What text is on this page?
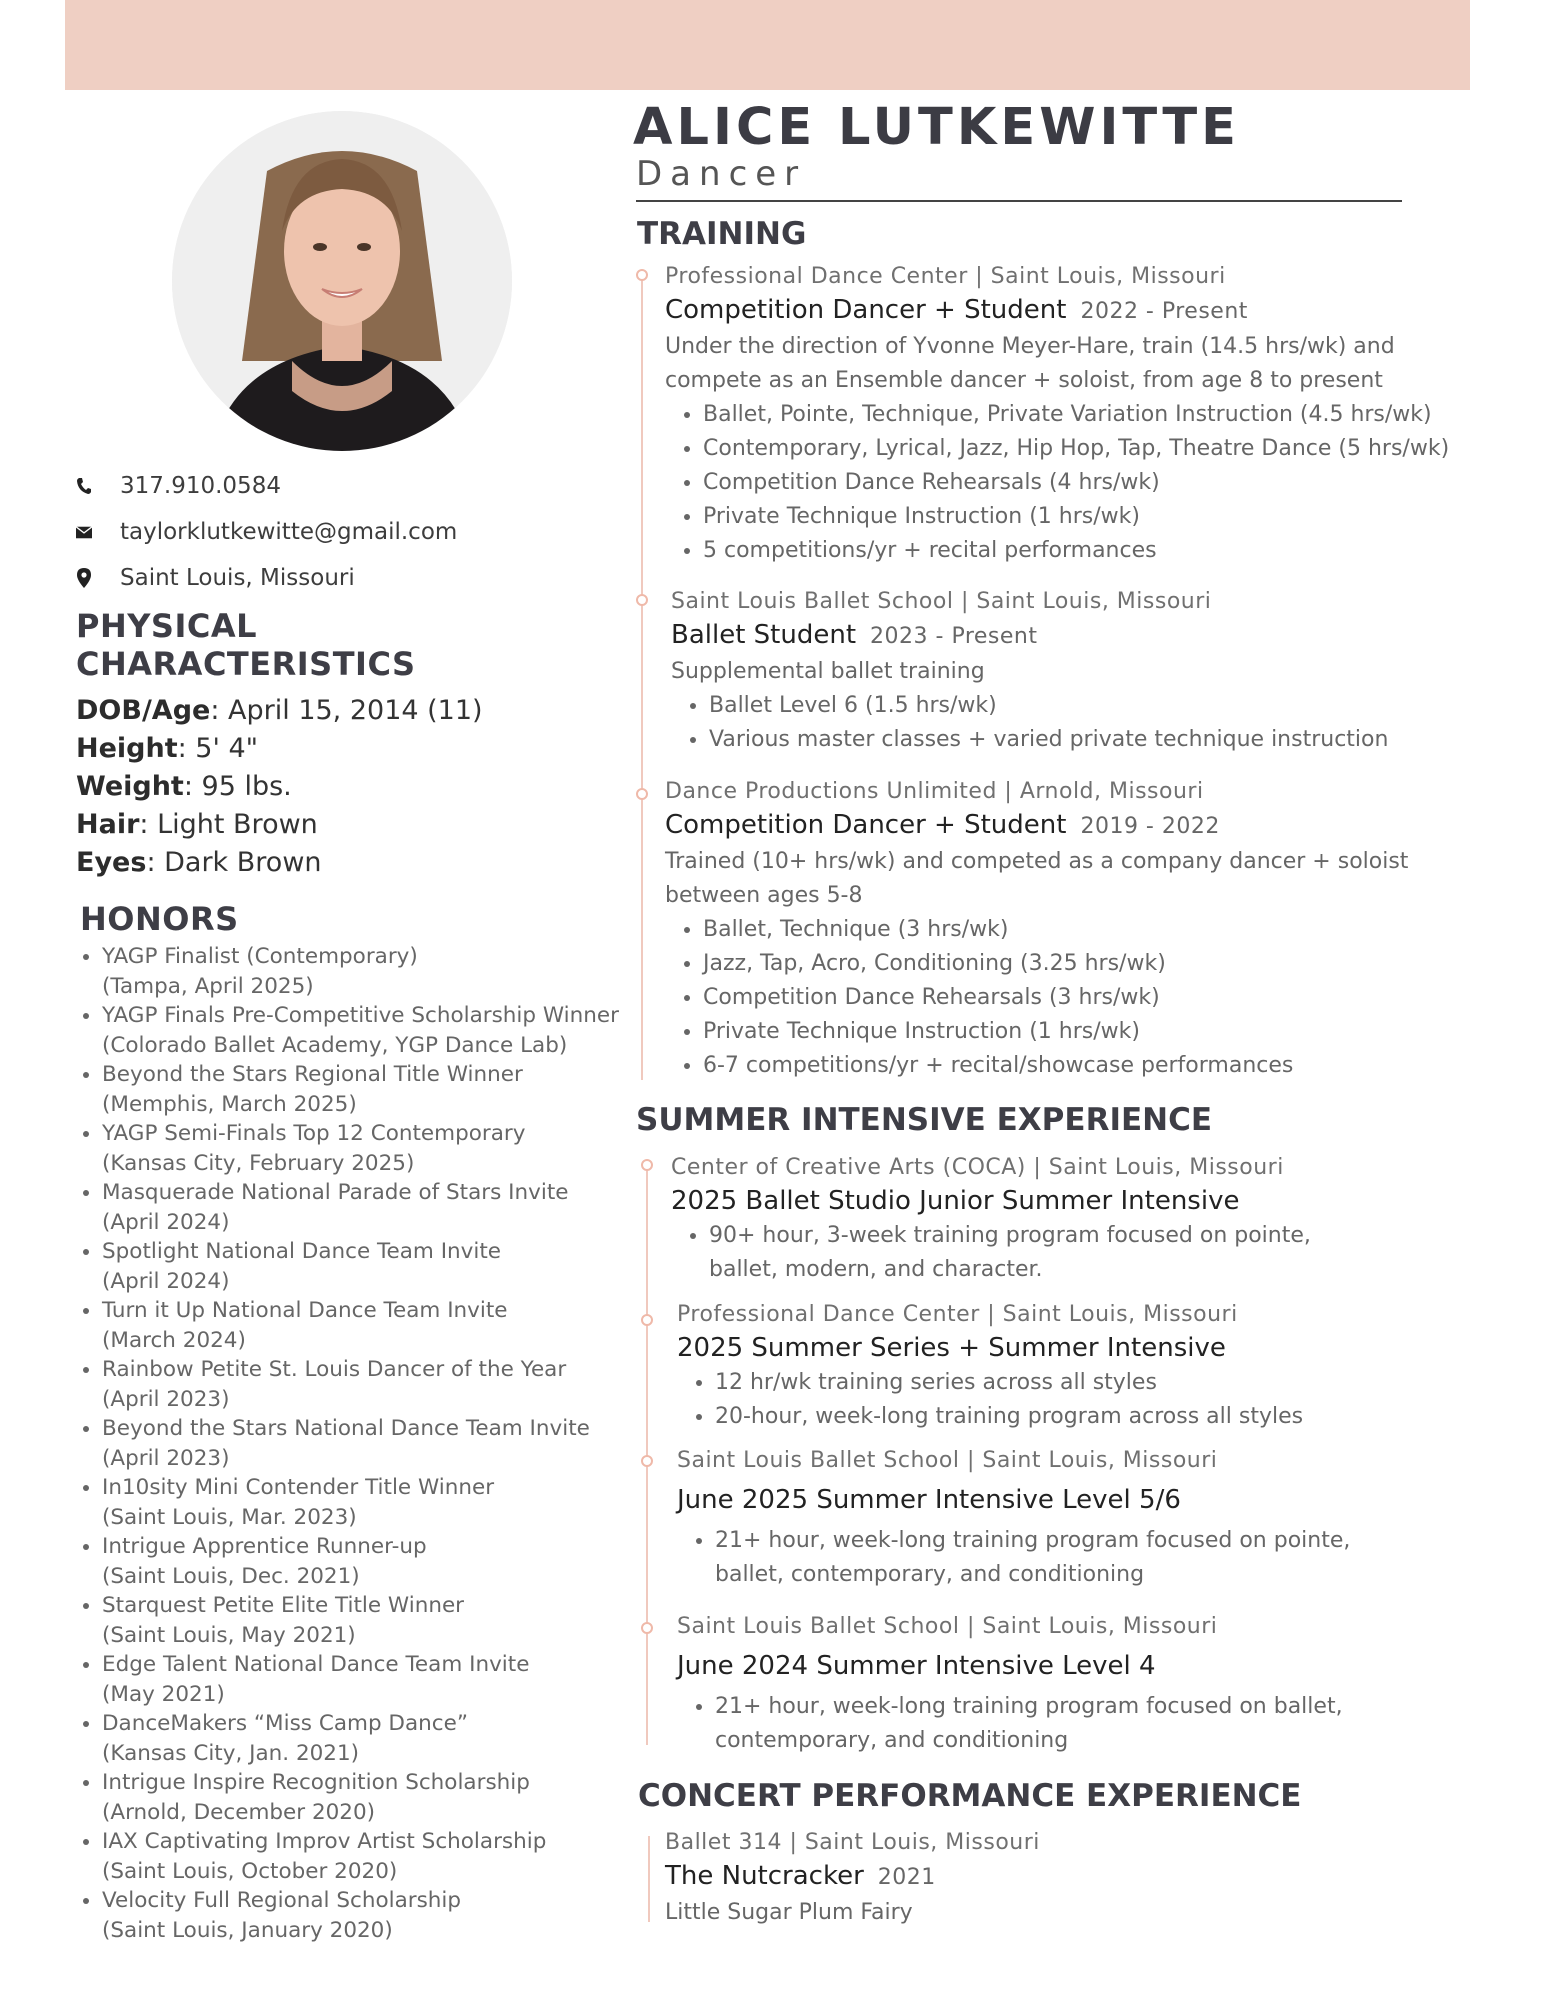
317.910.0584
taylorklutkewitte@gmail.com
Saint Louis, Missouri
PHYSICAL
CHARACTERISTICS
DOB/Age: April 15, 2014 (11)
Height: 5' 4"
Weight: 95 lbs.
Hair: Light Brown
Eyes: Dark Brown
HONORS
• YAGP Finalist (Contemporary)
(Tampa, April 2025)
• YAGP Finals Pre-Competitive Scholarship Winner
(Colorado Ballet Academy, YGP Dance Lab)
• Beyond the Stars Regional Title Winner
(Memphis, March 2025)
• YAGP Semi-Finals Top 12 Contemporary
(Kansas City, February 2025)
• Masquerade National Parade of Stars Invite
(April 2024)
• Spotlight National Dance Team Invite
(April 2024)
• Turn it Up National Dance Team Invite
(March 2024)
• Rainbow Petite St. Louis Dancer of the Year
(April 2023)
• Beyond the Stars National Dance Team Invite
(April 2023)
• In10sity Mini Contender Title Winner
(Saint Louis, Mar. 2023)
• Intrigue Apprentice Runner-up
(Saint Louis, Dec. 2021)
• Starquest Petite Elite Title Winner
(Saint Louis, May 2021)
• Edge Talent National Dance Team Invite
(May 2021)
• DanceMakers “Miss Camp Dance”
(Kansas City, Jan. 2021)
• Intrigue Inspire Recognition Scholarship
(Arnold, December 2020)
• IAX Captivating Improv Artist Scholarship
(Saint Louis, October 2020)
• Velocity Full Regional Scholarship
(Saint Louis, January 2020)
ALICE LUTKEWITTE
Dancer
TRAINING
Professional Dance Center | Saint Louis, Missouri
Competition Dancer + Student 2022 - Present
Under the direction of Yvonne Meyer-Hare, train (14.5 hrs/wk) and compete as an Ensemble dancer + soloist, from age 8 to present
• Ballet, Pointe, Technique, Private Variation Instruction (4.5 hrs/wk)
• Contemporary, Lyrical, Jazz, Hip Hop, Tap, Theatre Dance (5 hrs/wk)
• Competition Dance Rehearsals (4 hrs/wk)
• Private Technique Instruction (1 hrs/wk)
• 5 competitions/yr + recital performances
Saint Louis Ballet School | Saint Louis, Missouri
Ballet Student 2023 - Present
Supplemental ballet training
• Ballet Level 6 (1.5 hrs/wk)
• Various master classes + varied private technique instruction
Dance Productions Unlimited | Arnold, Missouri
Competition Dancer + Student 2019 - 2022
Trained (10+ hrs/wk) and competed as a company dancer + soloist between ages 5-8
• Ballet, Technique (3 hrs/wk)
• Jazz, Tap, Acro, Conditioning (3.25 hrs/wk)
• Competition Dance Rehearsals (3 hrs/wk)
• Private Technique Instruction (1 hrs/wk)
• 6-7 competitions/yr + recital/showcase performances
SUMMER INTENSIVE EXPERIENCE
Center of Creative Arts (COCA) | Saint Louis, Missouri
2025 Ballet Studio Junior Summer Intensive
• 90+ hour, 3-week training program focused on pointe, ballet, modern, and character.
Professional Dance Center | Saint Louis, Missouri
2025 Summer Series + Summer Intensive
• 12 hr/wk training series across all styles
• 20-hour, week-long training program across all styles
Saint Louis Ballet School | Saint Louis, Missouri
June 2025 Summer Intensive Level 5/6
• 21+ hour, week-long training program focused on pointe, ballet, contemporary, and conditioning
Saint Louis Ballet School | Saint Louis, Missouri
June 2024 Summer Intensive Level 4
• 21+ hour, week-long training program focused on ballet, contemporary, and conditioning
CONCERT PERFORMANCE EXPERIENCE
Ballet 314 | Saint Louis, Missouri
The Nutcracker 2021
Little Sugar Plum Fairy
